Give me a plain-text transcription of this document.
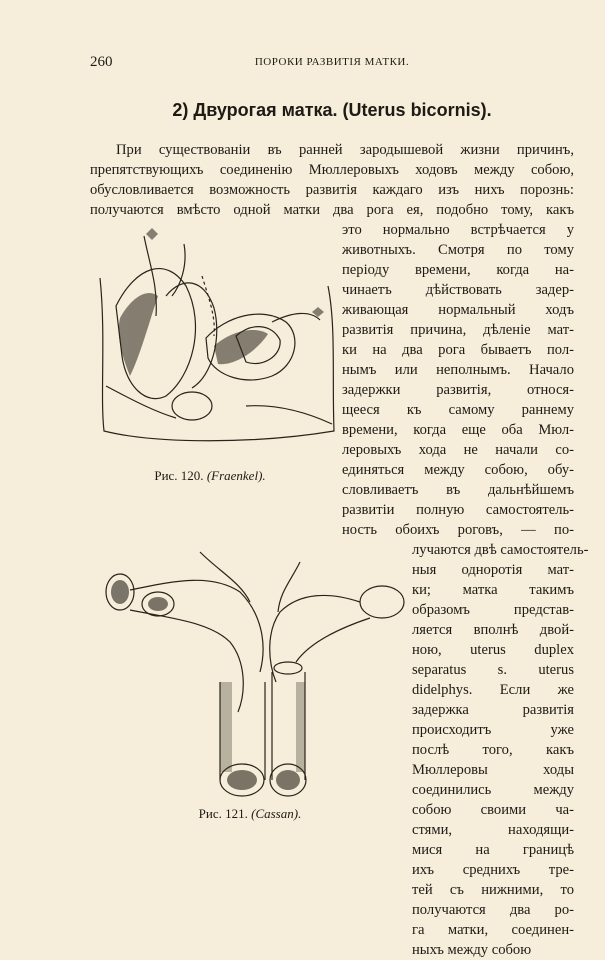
260	ПОРОКИ РАЗВИТІЯ МАТКИ.
2) Двурогая матка. (Uterus bicornis).
При существованіи въ ранней зародышевой жизни причинъ,
препятствующихъ соединенію Мюллеровыхъ ходовъ между собою,
обусловливается возможность развитія каждаго изъ нихъ порознь:
получаются вмѣсто одной матки два рога ея, подобно тому, какъ
это нормально встрѣчается у
животныхъ. Смотря по тому
періоду времени, когда на-
чинаетъ дѣйствовать задер-
живающая нормальный ходъ
развитія причина, дѣленіе мат-
ки на два рога бываетъ пол-
нымъ или неполнымъ. Начало
задержки развитія, относя-
щееся къ самому раннему
времени, когда еще оба Мюл-
леровыхъ хода не начали со-
единяться между собою, обу-
словливаетъ въ дальнѣйшемъ
развитіи полную самостоятель-
ность обоихъ роговъ, — по-
лучаются двѣ самостоятель-
ныя одноротія мат-
ки; матка такимъ
образомъ представ-
ляется вполнѣ двой-
ною, uterus duplex
separatus s. uterus
didelphys. Если же
задержка развитія
происходитъ уже
послѣ того, какъ
Мюллеровы ходы
соединились между
собою своими ча-
стями, находящи-
мися на границѣ
ихъ среднихъ тре-
тей съ нижними, то
получаются два ро-
га матки, соединен-
ныхъ между собою
Рис. 120. (Fraenkel).
Рис. 121. (Cassan).
